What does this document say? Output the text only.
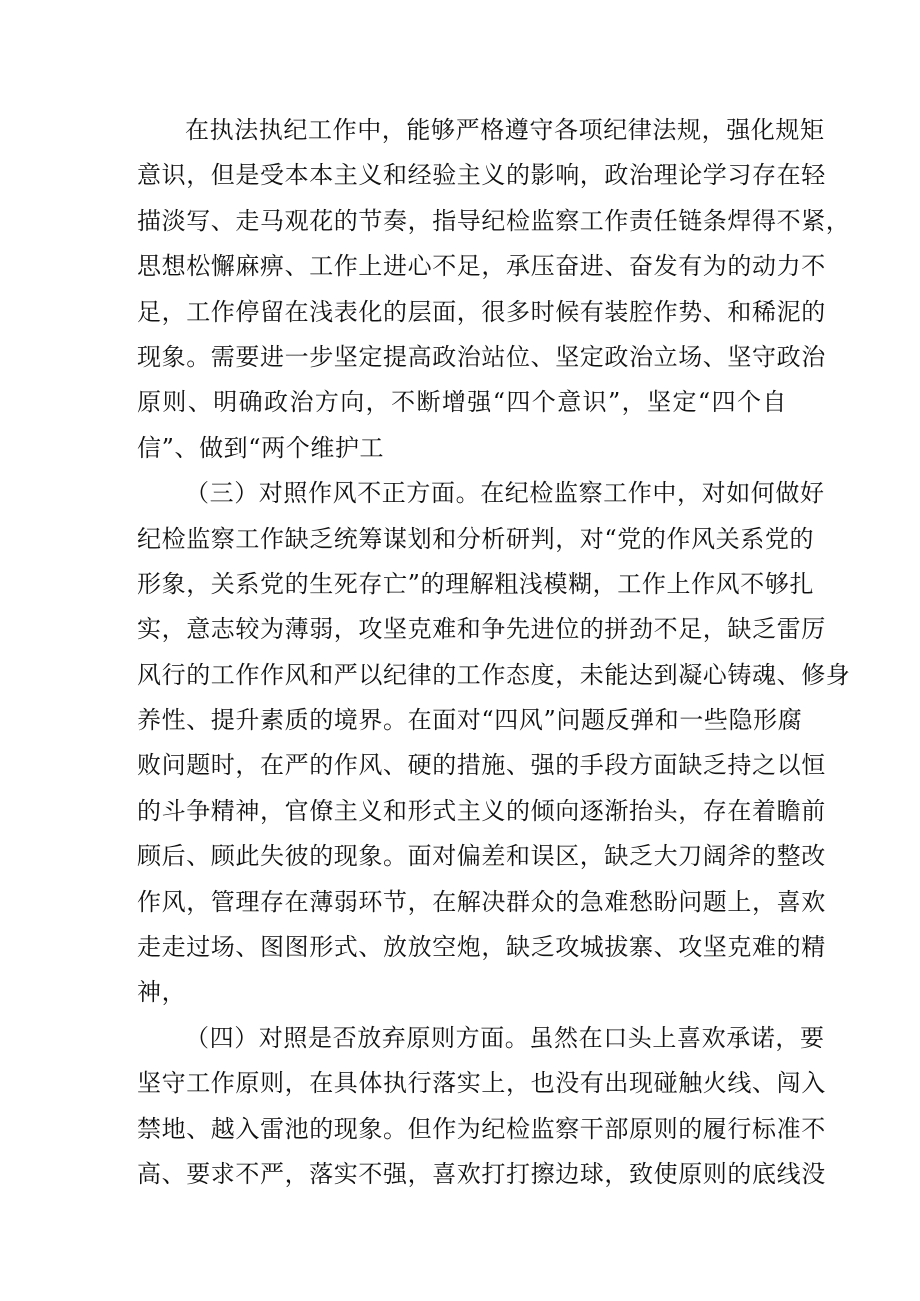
在执法执纪工作中，能够严格遵守各项纪律法规，强化规矩
意识，但是受本本主义和经验主义的影响，政治理论学习存在轻
描淡写、走马观花的节奏，指导纪检监察工作责任链条焊得不紧，
思想松懈麻痹、工作上进心不足，承压奋进、奋发有为的动力不
足，工作停留在浅表化的层面，很多时候有装腔作势、和稀泥的
现象。需要进一步坚定提高政治站位、坚定政治立场、坚守政治
原则、明确政治方向，不断增强“四个意识”，坚定“四个自
信”、做到“两个维护工
（三）对照作风不正方面。在纪检监察工作中，对如何做好
纪检监察工作缺乏统筹谋划和分析研判，对“党的作风关系党的
形象，关系党的生死存亡”的理解粗浅模糊，工作上作风不够扎
实，意志较为薄弱，攻坚克难和争先进位的拼劲不足，缺乏雷厉
风行的工作作风和严以纪律的工作态度，未能达到凝心铸魂、修身
养性、提升素质的境界。在面对“四风”问题反弹和一些隐形腐
败问题时，在严的作风、硬的措施、强的手段方面缺乏持之以恒
的斗争精神，官僚主义和形式主义的倾向逐渐抬头，存在着瞻前
顾后、顾此失彼的现象。面对偏差和误区，缺乏大刀阔斧的整改
作风，管理存在薄弱环节，在解决群众的急难愁盼问题上，喜欢
走走过场、图图形式、放放空炮，缺乏攻城拔寨、攻坚克难的精
神，
（四）对照是否放弃原则方面。虽然在口头上喜欢承诺，要
坚守工作原则，在具体执行落实上，也没有出现碰触火线、闯入
禁地、越入雷池的现象。但作为纪检监察干部原则的履行标准不
高、要求不严，落实不强，喜欢打打擦边球，致使原则的底线没
